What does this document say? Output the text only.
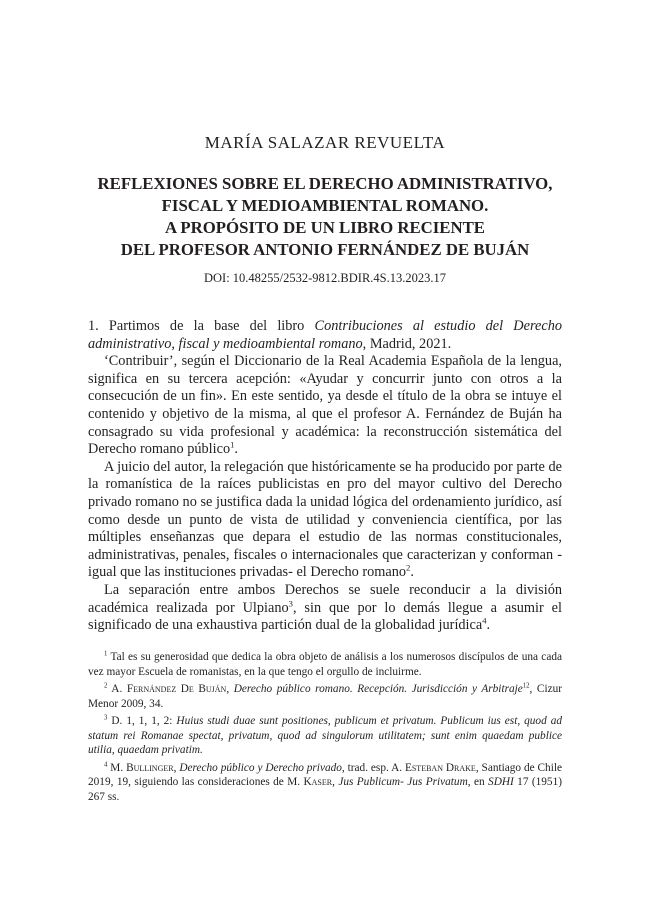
MARÍA SALAZAR REVUELTA
REFLEXIONES SOBRE EL DERECHO ADMINISTRATIVO,
FISCAL Y MEDIOAMBIENTAL ROMANO.
A PROPÓSITO DE UN LIBRO RECIENTE
DEL PROFESOR ANTONIO FERNÁNDEZ DE BUJÁN
DOI: 10.48255/2532-9812.BDIR.4S.13.2023.17

1. Partimos de la base del libro Contribuciones al estudio del Derecho administrativo, fiscal y medioambiental romano, Madrid, 2021.

‘Contribuir’, según el Diccionario de la Real Academia Española de la lengua, significa en su tercera acepción: «Ayudar y concurrir junto con otros a la consecución de un fin». En este sentido, ya desde el título de la obra se intuye el contenido y objetivo de la misma, al que el profesor A. Fernández de Buján ha consagrado su vida profesional y académica: la reconstrucción sistemática del Derecho romano público$^1$.

A juicio del autor, la relegación que históricamente se ha producido por parte de la romanística de la raíces publicistas en pro del mayor cultivo del Derecho privado romano no se justifica dada la unidad lógica del ordenamiento jurídico, así como desde un punto de vista de utilidad y conveniencia científica, por las múltiples enseñanzas que depara el estudio de las normas constitucionales, administrativas, penales, fiscales o internacionales que caracterizan y conforman -igual que las instituciones privadas- el Derecho romano$^2$.

La separación entre ambos Derechos se suele reconducir a la división académica realizada por Ulpiano$^3$, sin que por lo demás llegue a asumir el significado de una exhaustiva partición dual de la globalidad jurídica$^4$.

$^1$ Tal es su generosidad que dedica la obra objeto de análisis a los numerosos discípulos de una cada vez mayor Escuela de romanistas, en la que tengo el orgullo de incluirme.

$^2$ A. Fernández De Buján, Derecho público romano. Recepción. Jurisdicción y Arbitraje$^{12}$, Cizur Menor 2009, 34.

$^3$ D. 1, 1, 1, 2: Huius studi duae sunt positiones, publicum et privatum. Publicum ius est, quod ad statum rei Romanae spectat, privatum, quod ad singulorum utilitatem; sunt enim quaedam publice utilia, quaedam privatim.

$^4$ M. Bullinger, Derecho público y Derecho privado, trad. esp. A. Esteban Drake, Santiago de Chile 2019, 19, siguiendo las consideraciones de M. Kaser, Jus Publicum- Jus Privatum, en SDHI 17 (1951) 267 ss.
